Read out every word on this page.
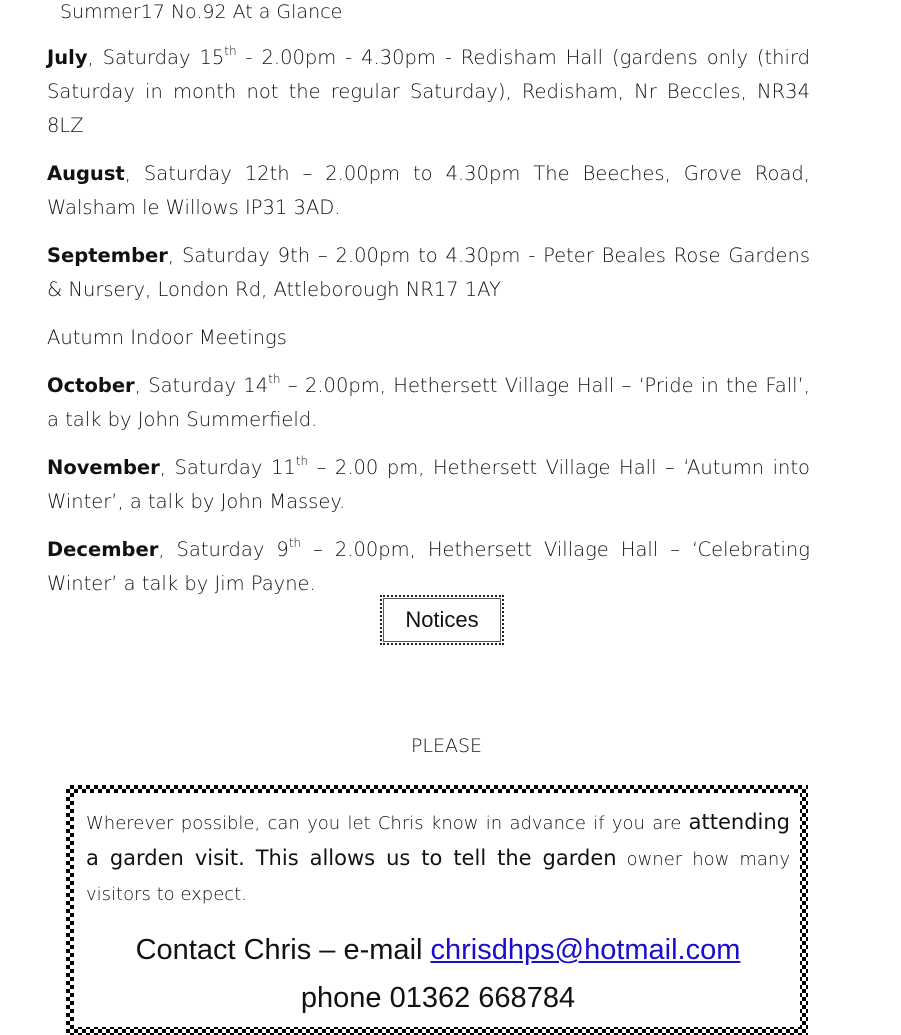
Summer17 No.92 At a Glance

July, Saturday 15th - 2.00pm - 4.30pm - Redisham Hall (gardens only (third Saturday in month not the regular Saturday), Redisham, Nr Beccles, NR34 8LZ

August, Saturday 12th – 2.00pm to 4.30pm The Beeches, Grove Road, Walsham le Willows IP31 3AD.

September, Saturday 9th – 2.00pm to 4.30pm - Peter Beales Rose Gardens & Nursery, London Rd, Attleborough NR17 1AY

Autumn Indoor Meetings

October, Saturday 14th – 2.00pm, Hethersett Village Hall – ‘Pride in the Fall’, a talk by John Summerfield.

November, Saturday 11th – 2.00 pm, Hethersett Village Hall – ‘Autumn into Winter’, a talk by John Massey.

December, Saturday 9th – 2.00pm, Hethersett Village Hall – ‘Celebrating Winter’ a talk by Jim Payne.

Notices
PLEASE

Wherever possible, can you let Chris know in advance if you are attending a garden visit. This allows us to tell the garden owner how many visitors to expect.

Contact Chris – e-mail chrisdhps@hotmail.com
phone 01362 668784
